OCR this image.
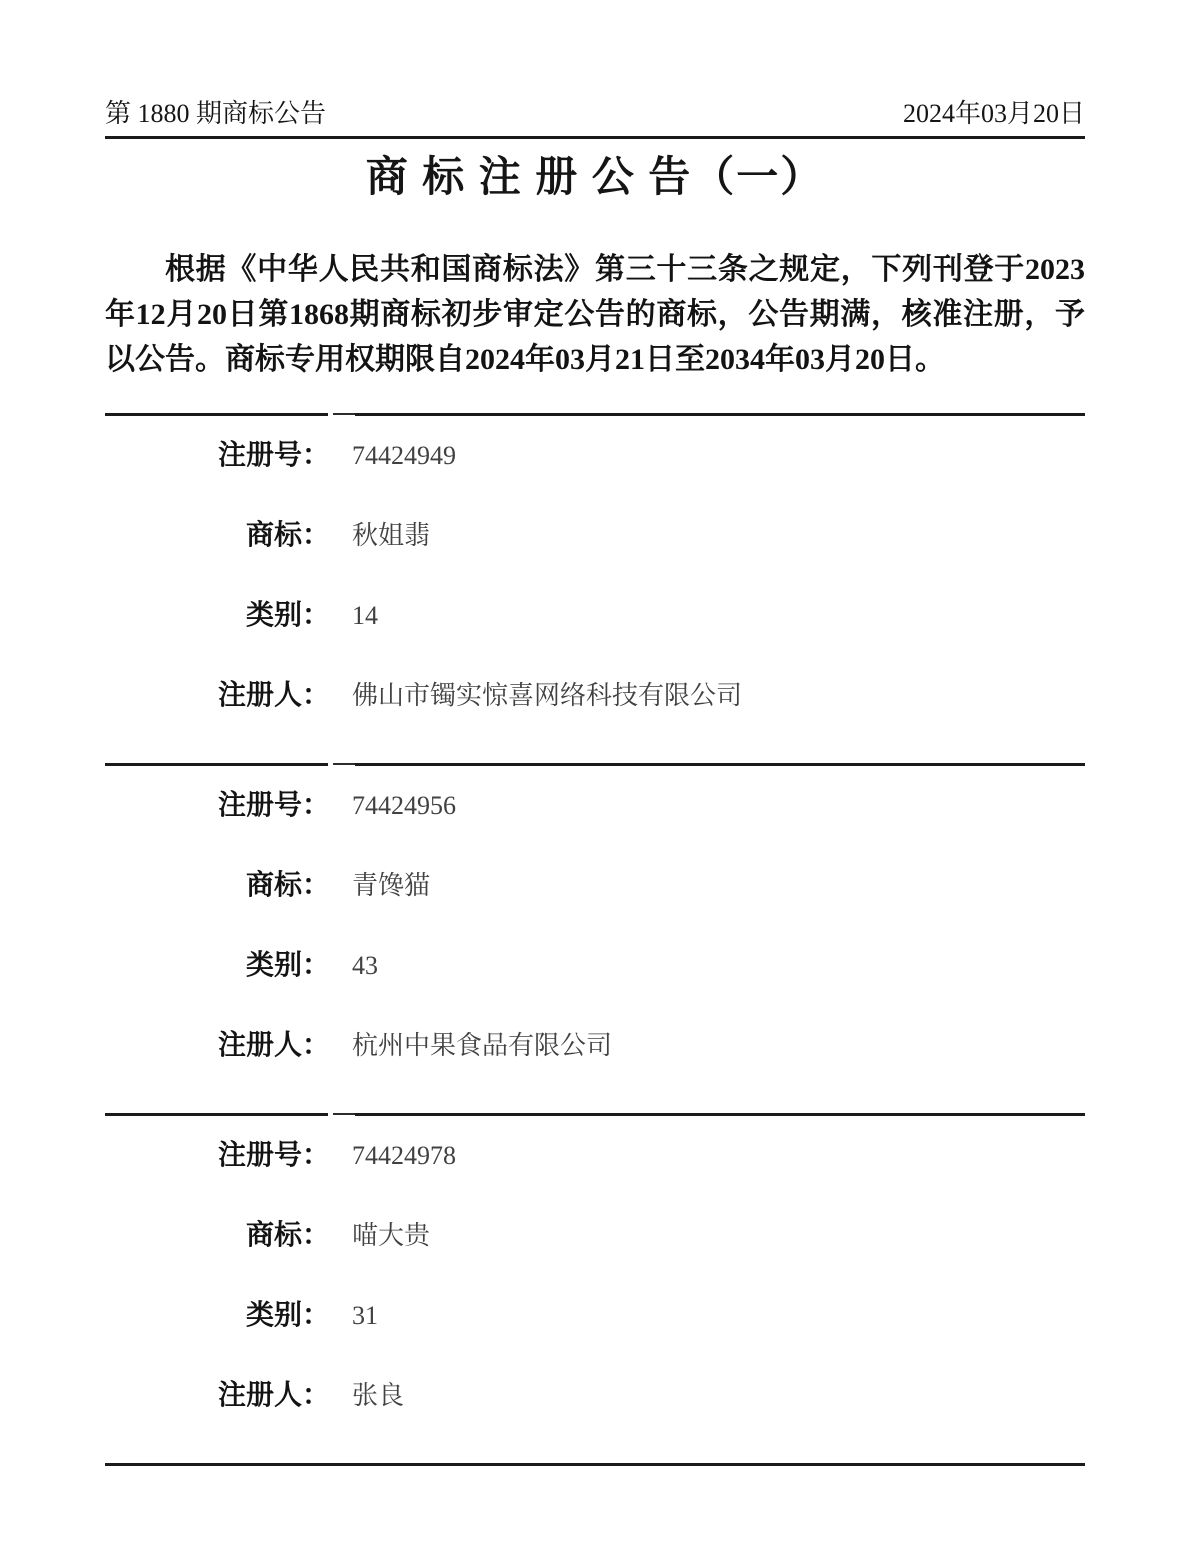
第 1880 期商标公告	2024年03月20日
商 标 注 册 公 告（一）

根据《中华人民共和国商标法》第三十三条之规定，下列刊登于2023年12月20日第1868期商标初步审定公告的商标，公告期满，核准注册，予以公告。商标专用权期限自2024年03月21日至2034年03月20日。

注册号： 74424949
商标： 秋姐翡
类别： 14
注册人： 佛山市镯实惊喜网络科技有限公司
注册号： 74424956
商标： 青馋猫
类别： 43
注册人： 杭州中果食品有限公司
注册号： 74424978
商标： 喵大贵
类别： 31
注册人： 张良
